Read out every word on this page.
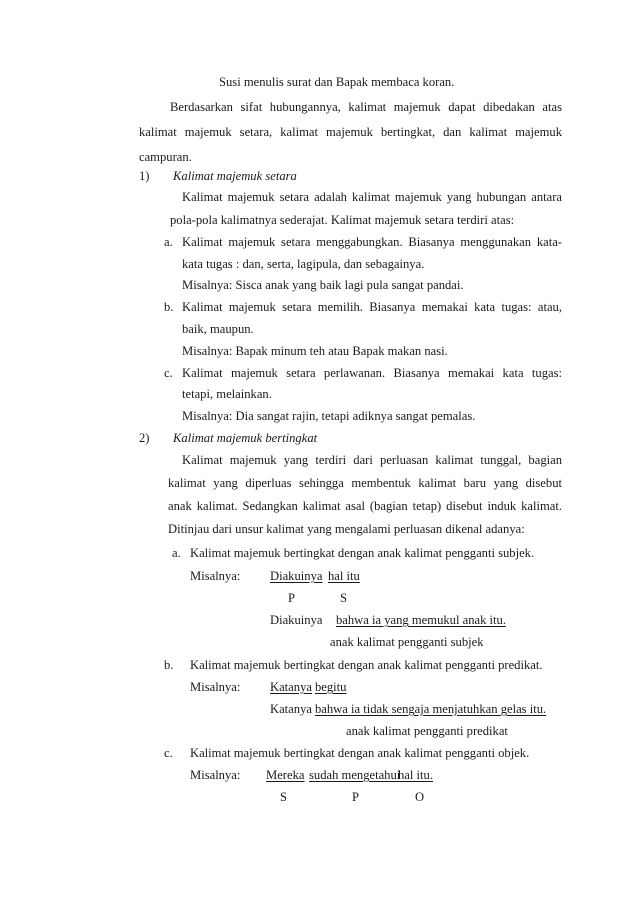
Susi menulis surat dan Bapak membaca koran.
Berdasarkan sifat hubungannya, kalimat majemuk dapat dibedakan atas
kalimat majemuk setara, kalimat majemuk bertingkat, dan kalimat majemuk
campuran.
1) Kalimat majemuk setara
Kalimat majemuk setara adalah kalimat majemuk yang hubungan antara
pola-pola kalimatnya sederajat. Kalimat majemuk setara terdiri atas:
a. Kalimat majemuk setara menggabungkan. Biasanya menggunakan kata-
kata tugas : dan, serta, lagipula, dan sebagainya.
Misalnya: Sisca anak yang baik lagi pula sangat pandai.
b. Kalimat majemuk setara memilih. Biasanya memakai kata tugas: atau,
baik, maupun.
Misalnya: Bapak minum teh atau Bapak makan nasi.
c. Kalimat majemuk setara perlawanan. Biasanya memakai kata tugas:
tetapi, melainkan.
Misalnya: Dia sangat rajin, tetapi adiknya sangat pemalas.
2) Kalimat majemuk bertingkat
Kalimat majemuk yang terdiri dari perluasan kalimat tunggal, bagian
kalimat yang diperluas sehingga membentuk kalimat baru yang disebut
anak kalimat. Sedangkan kalimat asal (bagian tetap) disebut induk kalimat.
Ditinjau dari unsur kalimat yang mengalami perluasan dikenal adanya:
a. Kalimat majemuk bertingkat dengan anak kalimat pengganti subjek.
Misalnya: Diakuinya hal itu
P	S
Diakuinya bahwa ia yang memukul anak itu.
anak kalimat pengganti subjek
b. Kalimat majemuk bertingkat dengan anak kalimat pengganti predikat.
Misalnya: Katanya begitu
Katanya bahwa ia tidak sengaja menjatuhkan gelas itu.
anak kalimat pengganti predikat
c. Kalimat majemuk bertingkat dengan anak kalimat pengganti objek.
Misalnya: Mereka sudah mengetahui
hal itu.
S	P	O
